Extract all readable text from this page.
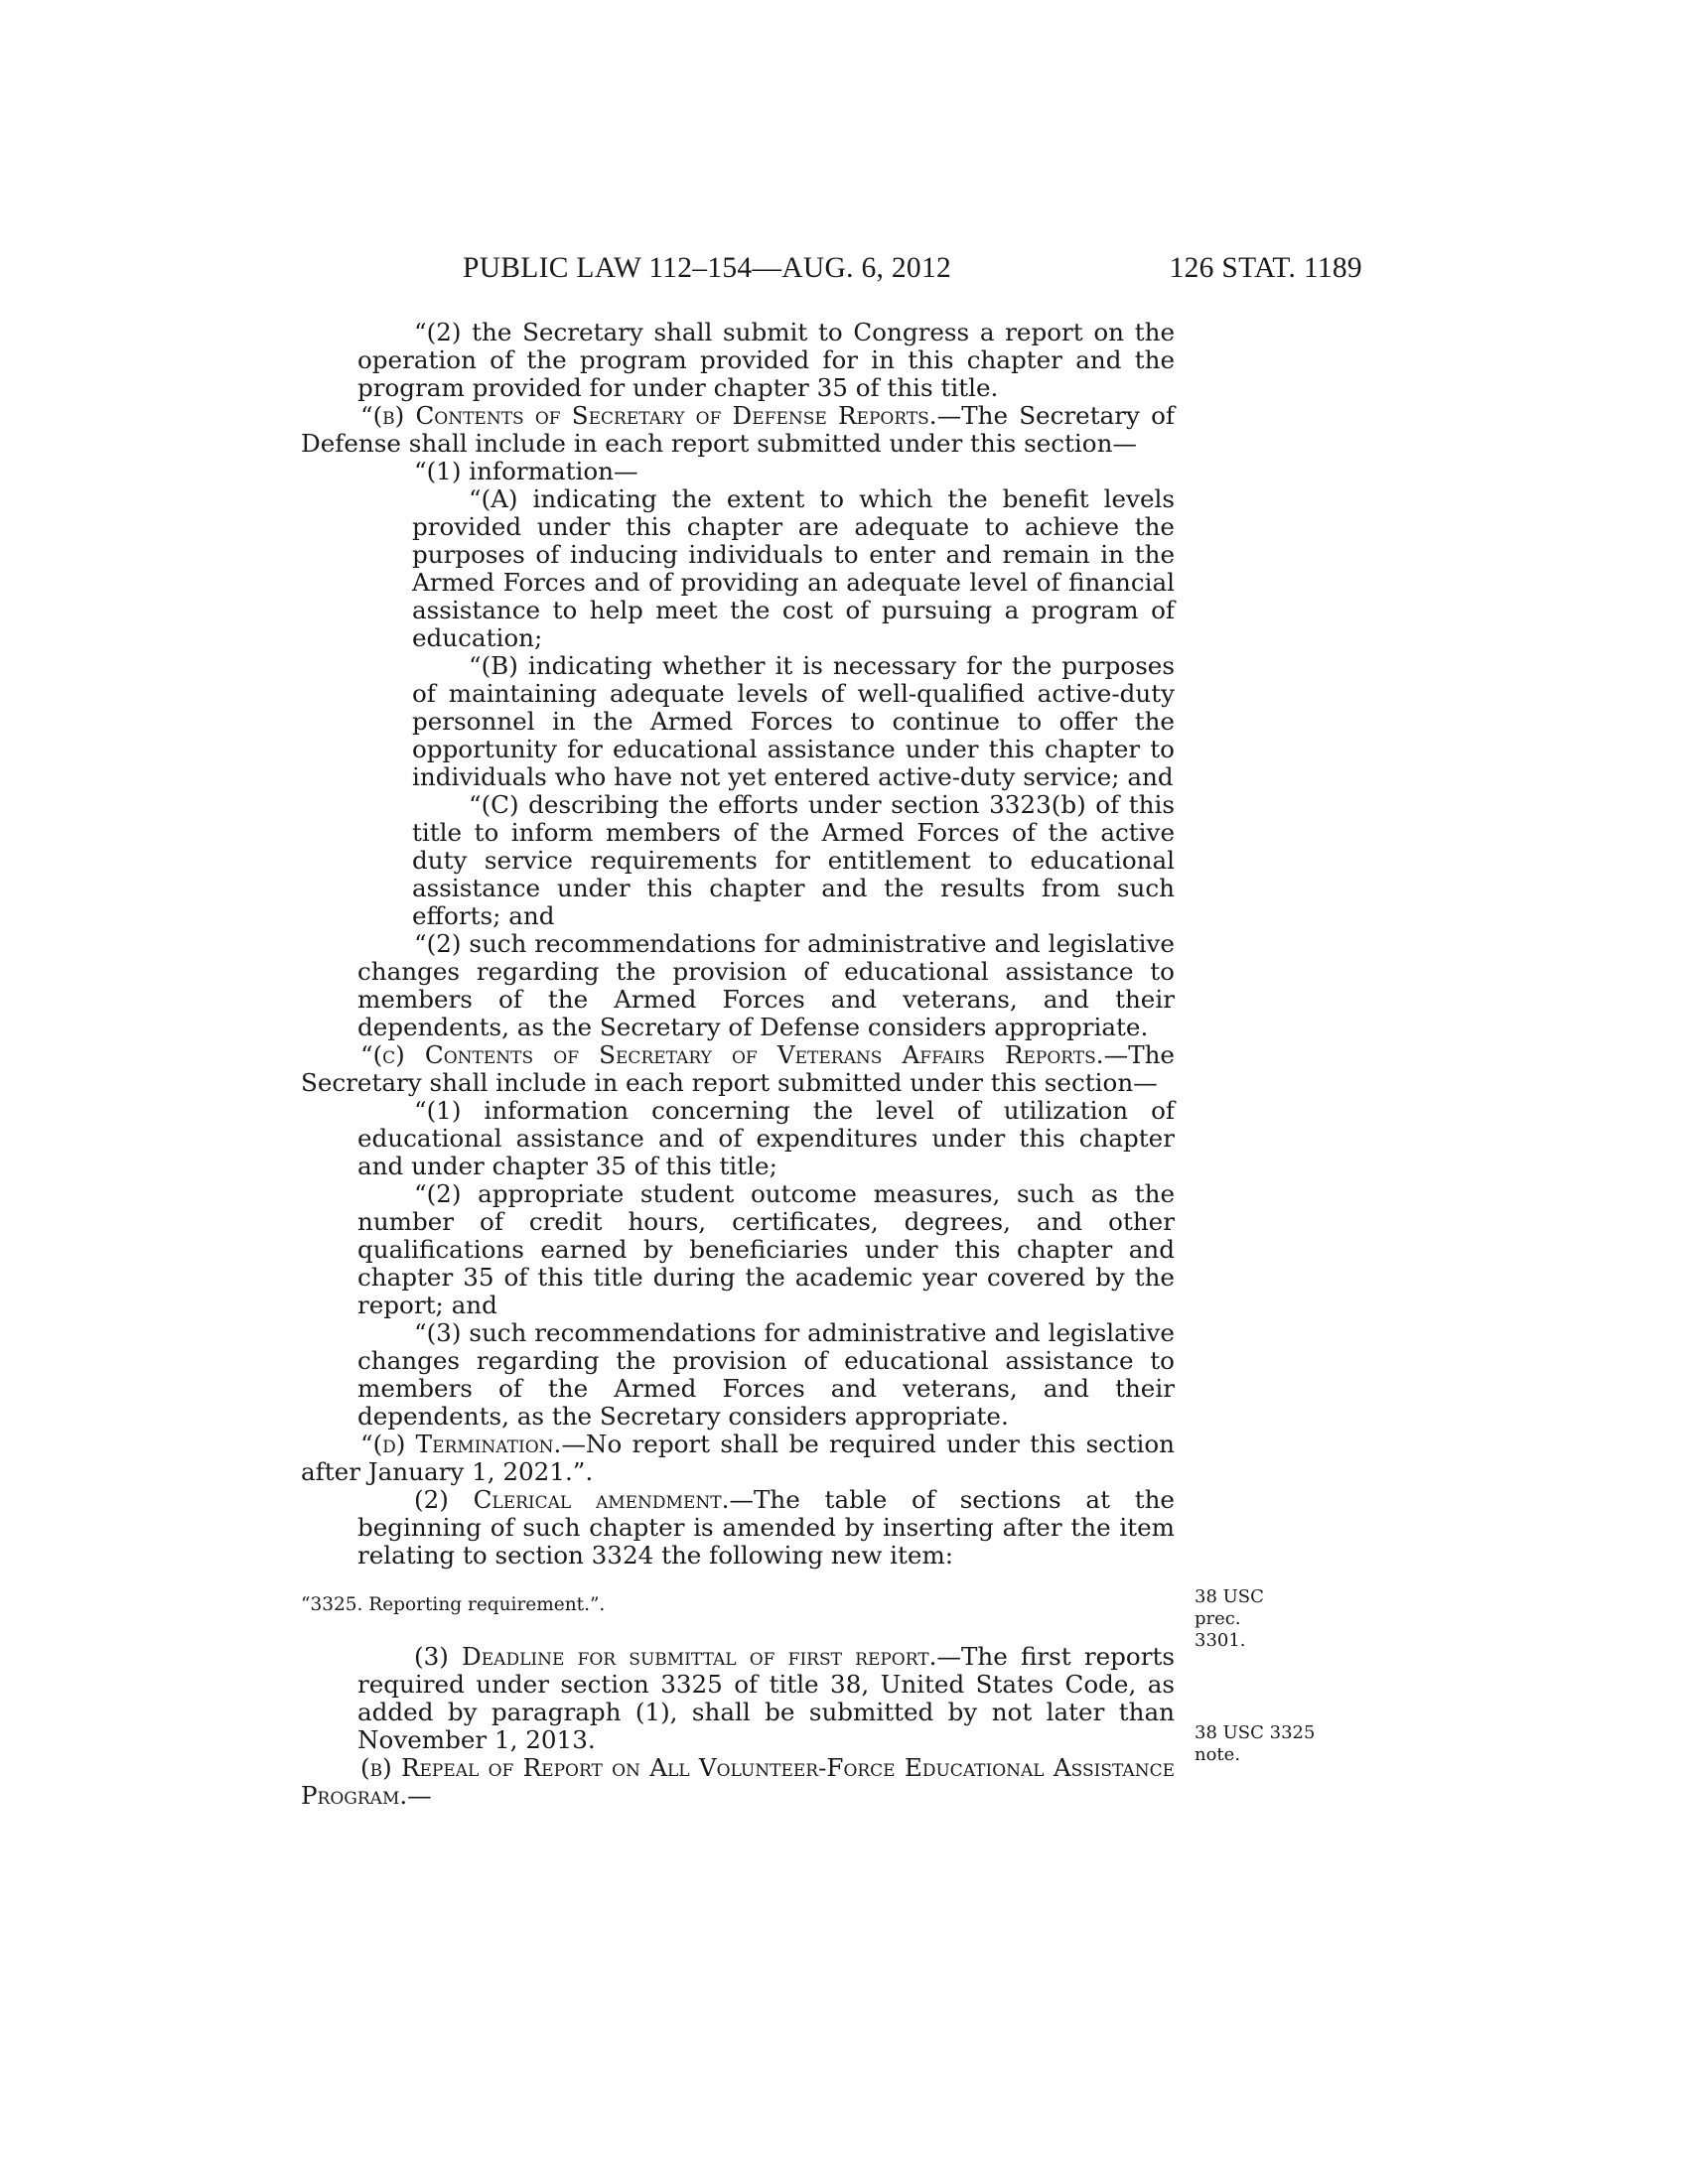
PUBLIC LAW 112–154—AUG. 6, 2012	126 STAT. 1189

“(2) the Secretary shall submit to Congress a report on the operation of the program provided for in this chapter and the program provided for under chapter 35 of this title.

“(b) Contents of Secretary of Defense Reports.—The Secretary of Defense shall include in each report submitted under this section—

“(1) information—

“(A) indicating the extent to which the benefit levels provided under this chapter are adequate to achieve the purposes of inducing individuals to enter and remain in the Armed Forces and of providing an adequate level of financial assistance to help meet the cost of pursuing a program of education;

“(B) indicating whether it is necessary for the purposes of maintaining adequate levels of well-qualified active-duty personnel in the Armed Forces to continue to offer the opportunity for educational assistance under this chapter to individuals who have not yet entered active-duty service; and

“(C) describing the efforts under section 3323(b) of this title to inform members of the Armed Forces of the active duty service requirements for entitlement to educational assistance under this chapter and the results from such efforts; and

“(2) such recommendations for administrative and legislative changes regarding the provision of educational assistance to members of the Armed Forces and veterans, and their dependents, as the Secretary of Defense considers appropriate.

“(c) Contents of Secretary of Veterans Affairs Reports.—The Secretary shall include in each report submitted under this section—

“(1) information concerning the level of utilization of educational assistance and of expenditures under this chapter and under chapter 35 of this title;

“(2) appropriate student outcome measures, such as the number of credit hours, certificates, degrees, and other qualifications earned by beneficiaries under this chapter and chapter 35 of this title during the academic year covered by the report; and

“(3) such recommendations for administrative and legislative changes regarding the provision of educational assistance to members of the Armed Forces and veterans, and their dependents, as the Secretary considers appropriate.

“(d) Termination.—No report shall be required under this section after January 1, 2021.”.

(2) Clerical amendment.—The table of sections at the beginning of such chapter is amended by inserting after the item relating to section 3324 the following new item:

“3325. Reporting requirement.”.

(3) Deadline for submittal of first report.—The first reports required under section 3325 of title 38, United States Code, as added by paragraph (1), shall be submitted by not later than November 1, 2013.

(b) Repeal of Report on All Volunteer-Force Educational Assistance Program.—

38 USC prec. 3301.
38 USC 3325 note.
